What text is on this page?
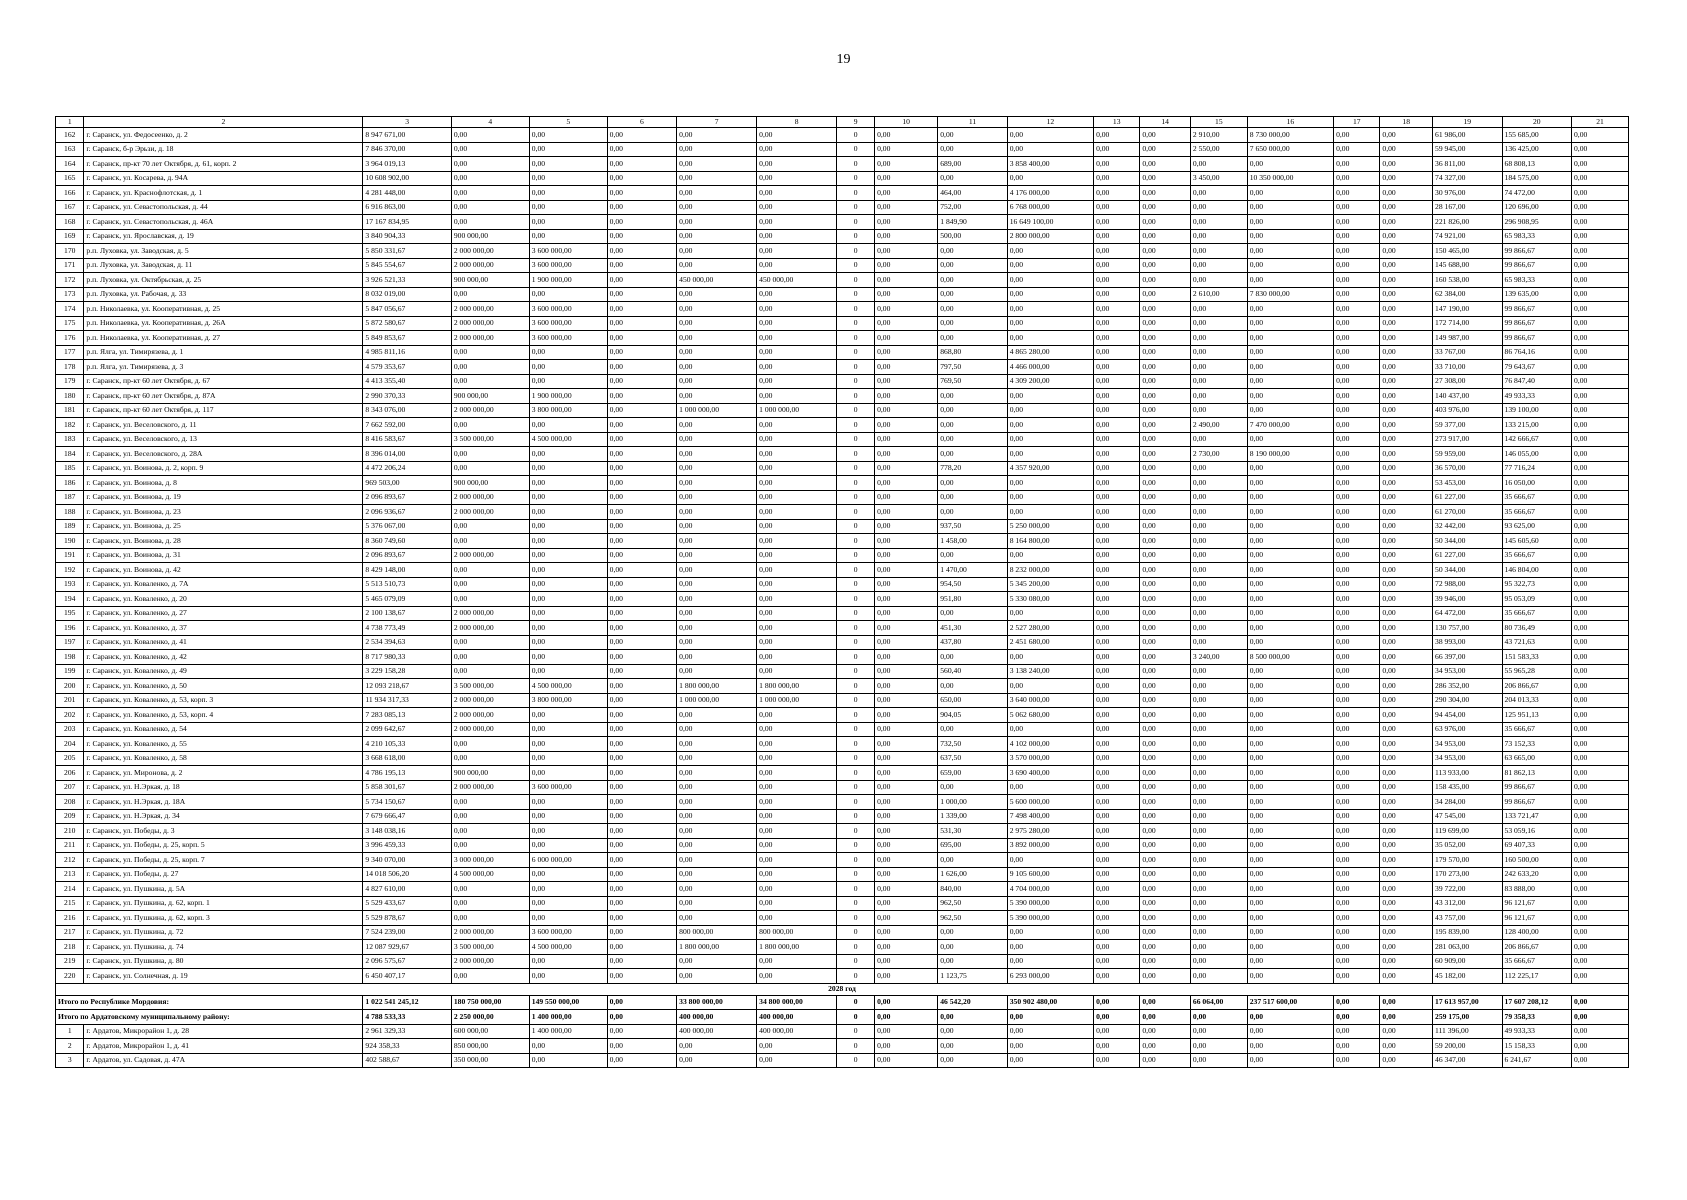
19
1	2	3	4	5	6	7	8	9	10	11	12	13	14	15	16	17	18	19	20	21
162	г. Саранск, ул. Федосеенко, д. 2	8 947 671,00	0,00	0,00	0,00	0,00	0,00	0	0,00	0,00	0,00	0,00	0,00	2 910,00	8 730 000,00	0,00	0,00	61 986,00	155 685,00	0,00
163	г. Саранск, б-р Эрьзи, д. 18	7 846 370,00	0,00	0,00	0,00	0,00	0,00	0	0,00	0,00	0,00	0,00	0,00	2 550,00	7 650 000,00	0,00	0,00	59 945,00	136 425,00	0,00
164	г. Саранск, пр-кт 70 лет Октября, д. 61, корп. 2	3 964 019,13	0,00	0,00	0,00	0,00	0,00	0	0,00	689,00	3 858 400,00	0,00	0,00	0,00	0,00	0,00	0,00	36 811,00	68 808,13	0,00
165	г. Саранск, ул. Косарева, д. 94А	10 608 902,00	0,00	0,00	0,00	0,00	0,00	0	0,00	0,00	0,00	0,00	0,00	3 450,00	10 350 000,00	0,00	0,00	74 327,00	184 575,00	0,00
166	г. Саранск, ул. Краснофлотская, д. 1	4 281 448,00	0,00	0,00	0,00	0,00	0,00	0	0,00	464,00	4 176 000,00	0,00	0,00	0,00	0,00	0,00	0,00	30 976,00	74 472,00	0,00
167	г. Саранск, ул. Севастопольская, д. 44	6 916 863,00	0,00	0,00	0,00	0,00	0,00	0	0,00	752,00	6 768 000,00	0,00	0,00	0,00	0,00	0,00	0,00	28 167,00	120 696,00	0,00
168	г. Саранск, ул. Севастопольская, д. 46А	17 167 834,95	0,00	0,00	0,00	0,00	0,00	0	0,00	1 849,90	16 649 100,00	0,00	0,00	0,00	0,00	0,00	0,00	221 826,00	296 908,95	0,00
169	г. Саранск, ул. Ярославская, д. 19	3 840 904,33	900 000,00	0,00	0,00	0,00	0,00	0	0,00	500,00	2 800 000,00	0,00	0,00	0,00	0,00	0,00	0,00	74 921,00	65 983,33	0,00
170	р.п. Луховка, ул. Заводская, д. 5	5 850 331,67	2 000 000,00	3 600 000,00	0,00	0,00	0,00	0	0,00	0,00	0,00	0,00	0,00	0,00	0,00	0,00	0,00	150 465,00	99 866,67	0,00
171	р.п. Луховка, ул. Заводская, д. 11	5 845 554,67	2 000 000,00	3 600 000,00	0,00	0,00	0,00	0	0,00	0,00	0,00	0,00	0,00	0,00	0,00	0,00	0,00	145 688,00	99 866,67	0,00
172	р.п. Луховка, ул. Октябрьская, д. 25	3 926 521,33	900 000,00	1 900 000,00	0,00	450 000,00	450 000,00	0	0,00	0,00	0,00	0,00	0,00	0,00	0,00	0,00	0,00	160 538,00	65 983,33	0,00
173	р.п. Луховка, ул. Рабочая, д. 33	8 032 019,00	0,00	0,00	0,00	0,00	0,00	0	0,00	0,00	0,00	0,00	0,00	2 610,00	7 830 000,00	0,00	0,00	62 384,00	139 635,00	0,00
174	р.п. Николаевка, ул. Кооперативная, д. 25	5 847 056,67	2 000 000,00	3 600 000,00	0,00	0,00	0,00	0	0,00	0,00	0,00	0,00	0,00	0,00	0,00	0,00	0,00	147 190,00	99 866,67	0,00
175	р.п. Николаевка, ул. Кооперативная, д. 26А	5 872 580,67	2 000 000,00	3 600 000,00	0,00	0,00	0,00	0	0,00	0,00	0,00	0,00	0,00	0,00	0,00	0,00	0,00	172 714,00	99 866,67	0,00
176	р.п. Николаевка, ул. Кооперативная, д. 27	5 849 853,67	2 000 000,00	3 600 000,00	0,00	0,00	0,00	0	0,00	0,00	0,00	0,00	0,00	0,00	0,00	0,00	0,00	149 987,00	99 866,67	0,00
177	р.п. Ялга, ул. Тимирязева, д. 1	4 985 811,16	0,00	0,00	0,00	0,00	0,00	0	0,00	868,80	4 865 280,00	0,00	0,00	0,00	0,00	0,00	0,00	33 767,00	86 764,16	0,00
178	р.п. Ялга, ул. Тимирязева, д. 3	4 579 353,67	0,00	0,00	0,00	0,00	0,00	0	0,00	797,50	4 466 000,00	0,00	0,00	0,00	0,00	0,00	0,00	33 710,00	79 643,67	0,00
179	г. Саранск, пр-кт 60 лет Октября, д. 67	4 413 355,40	0,00	0,00	0,00	0,00	0,00	0	0,00	769,50	4 309 200,00	0,00	0,00	0,00	0,00	0,00	0,00	27 308,00	76 847,40	0,00
180	г. Саранск, пр-кт 60 лет Октября, д. 87А	2 990 370,33	900 000,00	1 900 000,00	0,00	0,00	0,00	0	0,00	0,00	0,00	0,00	0,00	0,00	0,00	0,00	0,00	140 437,00	49 933,33	0,00
181	г. Саранск, пр-кт 60 лет Октября, д. 117	8 343 076,00	2 000 000,00	3 800 000,00	0,00	1 000 000,00	1 000 000,00	0	0,00	0,00	0,00	0,00	0,00	0,00	0,00	0,00	0,00	403 976,00	139 100,00	0,00
182	г. Саранск, ул. Веселовского, д. 11	7 662 592,00	0,00	0,00	0,00	0,00	0,00	0	0,00	0,00	0,00	0,00	0,00	2 490,00	7 470 000,00	0,00	0,00	59 377,00	133 215,00	0,00
183	г. Саранск, ул. Веселовского, д. 13	8 416 583,67	3 500 000,00	4 500 000,00	0,00	0,00	0,00	0	0,00	0,00	0,00	0,00	0,00	0,00	0,00	0,00	0,00	273 917,00	142 666,67	0,00
184	г. Саранск, ул. Веселовского, д. 28А	8 396 014,00	0,00	0,00	0,00	0,00	0,00	0	0,00	0,00	0,00	0,00	0,00	2 730,00	8 190 000,00	0,00	0,00	59 959,00	146 055,00	0,00
185	г. Саранск, ул. Воинова, д. 2, корп. 9	4 472 206,24	0,00	0,00	0,00	0,00	0,00	0	0,00	778,20	4 357 920,00	0,00	0,00	0,00	0,00	0,00	0,00	36 570,00	77 716,24	0,00
186	г. Саранск, ул. Воинова, д. 8	969 503,00	900 000,00	0,00	0,00	0,00	0,00	0	0,00	0,00	0,00	0,00	0,00	0,00	0,00	0,00	0,00	53 453,00	16 050,00	0,00
187	г. Саранск, ул. Воинова, д. 19	2 096 893,67	2 000 000,00	0,00	0,00	0,00	0,00	0	0,00	0,00	0,00	0,00	0,00	0,00	0,00	0,00	0,00	61 227,00	35 666,67	0,00
188	г. Саранск, ул. Воинова, д. 23	2 096 936,67	2 000 000,00	0,00	0,00	0,00	0,00	0	0,00	0,00	0,00	0,00	0,00	0,00	0,00	0,00	0,00	61 270,00	35 666,67	0,00
189	г. Саранск, ул. Воинова, д. 25	5 376 067,00	0,00	0,00	0,00	0,00	0,00	0	0,00	937,50	5 250 000,00	0,00	0,00	0,00	0,00	0,00	0,00	32 442,00	93 625,00	0,00
190	г. Саранск, ул. Воинова, д. 28	8 360 749,60	0,00	0,00	0,00	0,00	0,00	0	0,00	1 458,00	8 164 800,00	0,00	0,00	0,00	0,00	0,00	0,00	50 344,00	145 605,60	0,00
191	г. Саранск, ул. Воинова, д. 31	2 096 893,67	2 000 000,00	0,00	0,00	0,00	0,00	0	0,00	0,00	0,00	0,00	0,00	0,00	0,00	0,00	0,00	61 227,00	35 666,67	0,00
192	г. Саранск, ул. Воинова, д. 42	8 429 148,00	0,00	0,00	0,00	0,00	0,00	0	0,00	1 470,00	8 232 000,00	0,00	0,00	0,00	0,00	0,00	0,00	50 344,00	146 804,00	0,00
193	г. Саранск, ул. Коваленко, д. 7А	5 513 510,73	0,00	0,00	0,00	0,00	0,00	0	0,00	954,50	5 345 200,00	0,00	0,00	0,00	0,00	0,00	0,00	72 988,00	95 322,73	0,00
194	г. Саранск, ул. Коваленко, д. 20	5 465 079,09	0,00	0,00	0,00	0,00	0,00	0	0,00	951,80	5 330 080,00	0,00	0,00	0,00	0,00	0,00	0,00	39 946,00	95 053,09	0,00
195	г. Саранск, ул. Коваленко, д. 27	2 100 138,67	2 000 000,00	0,00	0,00	0,00	0,00	0	0,00	0,00	0,00	0,00	0,00	0,00	0,00	0,00	0,00	64 472,00	35 666,67	0,00
196	г. Саранск, ул. Коваленко, д. 37	4 738 773,49	2 000 000,00	0,00	0,00	0,00	0,00	0	0,00	451,30	2 527 280,00	0,00	0,00	0,00	0,00	0,00	0,00	130 757,00	80 736,49	0,00
197	г. Саранск, ул. Коваленко, д. 41	2 534 394,63	0,00	0,00	0,00	0,00	0,00	0	0,00	437,80	2 451 680,00	0,00	0,00	0,00	0,00	0,00	0,00	38 993,00	43 721,63	0,00
198	г. Саранск, ул. Коваленко, д. 42	8 717 980,33	0,00	0,00	0,00	0,00	0,00	0	0,00	0,00	0,00	0,00	0,00	3 240,00	8 500 000,00	0,00	0,00	66 397,00	151 583,33	0,00
199	г. Саранск, ул. Коваленко, д. 49	3 229 158,28	0,00	0,00	0,00	0,00	0,00	0	0,00	560,40	3 138 240,00	0,00	0,00	0,00	0,00	0,00	0,00	34 953,00	55 965,28	0,00
200	г. Саранск, ул. Коваленко, д. 50	12 093 218,67	3 500 000,00	4 500 000,00	0,00	1 800 000,00	1 800 000,00	0	0,00	0,00	0,00	0,00	0,00	0,00	0,00	0,00	0,00	286 352,00	206 866,67	0,00
201	г. Саранск, ул. Коваленко, д. 53, корп. 3	11 934 317,33	2 000 000,00	3 800 000,00	0,00	1 000 000,00	1 000 000,00	0	0,00	650,00	3 640 000,00	0,00	0,00	0,00	0,00	0,00	0,00	290 304,00	204 013,33	0,00
202	г. Саранск, ул. Коваленко, д. 53, корп. 4	7 283 085,13	2 000 000,00	0,00	0,00	0,00	0,00	0	0,00	904,05	5 062 680,00	0,00	0,00	0,00	0,00	0,00	0,00	94 454,00	125 951,13	0,00
203	г. Саранск, ул. Коваленко, д. 54	2 099 642,67	2 000 000,00	0,00	0,00	0,00	0,00	0	0,00	0,00	0,00	0,00	0,00	0,00	0,00	0,00	0,00	63 976,00	35 666,67	0,00
204	г. Саранск, ул. Коваленко, д. 55	4 210 105,33	0,00	0,00	0,00	0,00	0,00	0	0,00	732,50	4 102 000,00	0,00	0,00	0,00	0,00	0,00	0,00	34 953,00	73 152,33	0,00
205	г. Саранск, ул. Коваленко, д. 58	3 668 618,00	0,00	0,00	0,00	0,00	0,00	0	0,00	637,50	3 570 000,00	0,00	0,00	0,00	0,00	0,00	0,00	34 953,00	63 665,00	0,00
206	г. Саранск, ул. Миронова, д. 2	4 786 195,13	900 000,00	0,00	0,00	0,00	0,00	0	0,00	659,00	3 690 400,00	0,00	0,00	0,00	0,00	0,00	0,00	113 933,00	81 862,13	0,00
207	г. Саранск, ул. Н.Эркая, д. 18	5 858 301,67	2 000 000,00	3 600 000,00	0,00	0,00	0,00	0	0,00	0,00	0,00	0,00	0,00	0,00	0,00	0,00	0,00	158 435,00	99 866,67	0,00
208	г. Саранск, ул. Н.Эркая, д. 18А	5 734 150,67	0,00	0,00	0,00	0,00	0,00	0	0,00	1 000,00	5 600 000,00	0,00	0,00	0,00	0,00	0,00	0,00	34 284,00	99 866,67	0,00
209	г. Саранск, ул. Н.Эркая, д. 34	7 679 666,47	0,00	0,00	0,00	0,00	0,00	0	0,00	1 339,00	7 498 400,00	0,00	0,00	0,00	0,00	0,00	0,00	47 545,00	133 721,47	0,00
210	г. Саранск, ул. Победы, д. 3	3 148 038,16	0,00	0,00	0,00	0,00	0,00	0	0,00	531,30	2 975 280,00	0,00	0,00	0,00	0,00	0,00	0,00	119 699,00	53 059,16	0,00
211	г. Саранск, ул. Победы, д. 25, корп. 5	3 996 459,33	0,00	0,00	0,00	0,00	0,00	0	0,00	695,00	3 892 000,00	0,00	0,00	0,00	0,00	0,00	0,00	35 052,00	69 407,33	0,00
212	г. Саранск, ул. Победы, д. 25, корп. 7	9 340 070,00	3 000 000,00	6 000 000,00	0,00	0,00	0,00	0	0,00	0,00	0,00	0,00	0,00	0,00	0,00	0,00	0,00	179 570,00	160 500,00	0,00
213	г. Саранск, ул. Победы, д. 27	14 018 506,20	4 500 000,00	0,00	0,00	0,00	0,00	0	0,00	1 626,00	9 105 600,00	0,00	0,00	0,00	0,00	0,00	0,00	170 273,00	242 633,20	0,00
214	г. Саранск, ул. Пушкина, д. 5А	4 827 610,00	0,00	0,00	0,00	0,00	0,00	0	0,00	840,00	4 704 000,00	0,00	0,00	0,00	0,00	0,00	0,00	39 722,00	83 888,00	0,00
215	г. Саранск, ул. Пушкина, д. 62, корп. 1	5 529 433,67	0,00	0,00	0,00	0,00	0,00	0	0,00	962,50	5 390 000,00	0,00	0,00	0,00	0,00	0,00	0,00	43 312,00	96 121,67	0,00
216	г. Саранск, ул. Пушкина, д. 62, корп. 3	5 529 878,67	0,00	0,00	0,00	0,00	0,00	0	0,00	962,50	5 390 000,00	0,00	0,00	0,00	0,00	0,00	0,00	43 757,00	96 121,67	0,00
217	г. Саранск, ул. Пушкина, д. 72	7 524 239,00	2 000 000,00	3 600 000,00	0,00	800 000,00	800 000,00	0	0,00	0,00	0,00	0,00	0,00	0,00	0,00	0,00	0,00	195 839,00	128 400,00	0,00
218	г. Саранск, ул. Пушкина, д. 74	12 087 929,67	3 500 000,00	4 500 000,00	0,00	1 800 000,00	1 800 000,00	0	0,00	0,00	0,00	0,00	0,00	0,00	0,00	0,00	0,00	281 063,00	206 866,67	0,00
219	г. Саранск, ул. Пушкина, д. 80	2 096 575,67	2 000 000,00	0,00	0,00	0,00	0,00	0	0,00	0,00	0,00	0,00	0,00	0,00	0,00	0,00	0,00	60 909,00	35 666,67	0,00
220	г. Саранск, ул. Солнечная, д. 19	6 450 407,17	0,00	0,00	0,00	0,00	0,00	0	0,00	1 123,75	6 293 000,00	0,00	0,00	0,00	0,00	0,00	0,00	45 182,00	112 225,17	0,00
2028 год																				
Итого по Республике Мордовия:		1 022 541 245,12	180 750 000,00	149 550 000,00	0,00	33 800 000,00	34 800 000,00	0	0,00	46 542,20	350 902 480,00	0,00	0,00	66 064,00	237 517 600,00	0,00	0,00	17 613 957,00	17 607 208,12	0,00
Итого по Ардатовскому муниципальному району:		4 788 533,33	2 250 000,00	1 400 000,00	0,00	400 000,00	400 000,00	0	0,00	0,00	0,00	0,00	0,00	0,00	0,00	0,00	0,00	259 175,00	79 358,33	0,00
1	г. Ардатов, Микрорайон 1, д. 28	2 961 329,33	600 000,00	1 400 000,00	0,00	400 000,00	400 000,00	0	0,00	0,00	0,00	0,00	0,00	0,00	0,00	0,00	0,00	111 396,00	49 933,33	0,00
2	г. Ардатов, Микрорайон 1, д. 41	924 358,33	850 000,00	0,00	0,00	0,00	0,00	0	0,00	0,00	0,00	0,00	0,00	0,00	0,00	0,00	0,00	59 200,00	15 158,33	0,00
3	г. Ардатов, ул. Садовая, д. 47А	402 588,67	350 000,00	0,00	0,00	0,00	0,00	0	0,00	0,00	0,00	0,00	0,00	0,00	0,00	0,00	0,00	46 347,00	6 241,67	0,00
